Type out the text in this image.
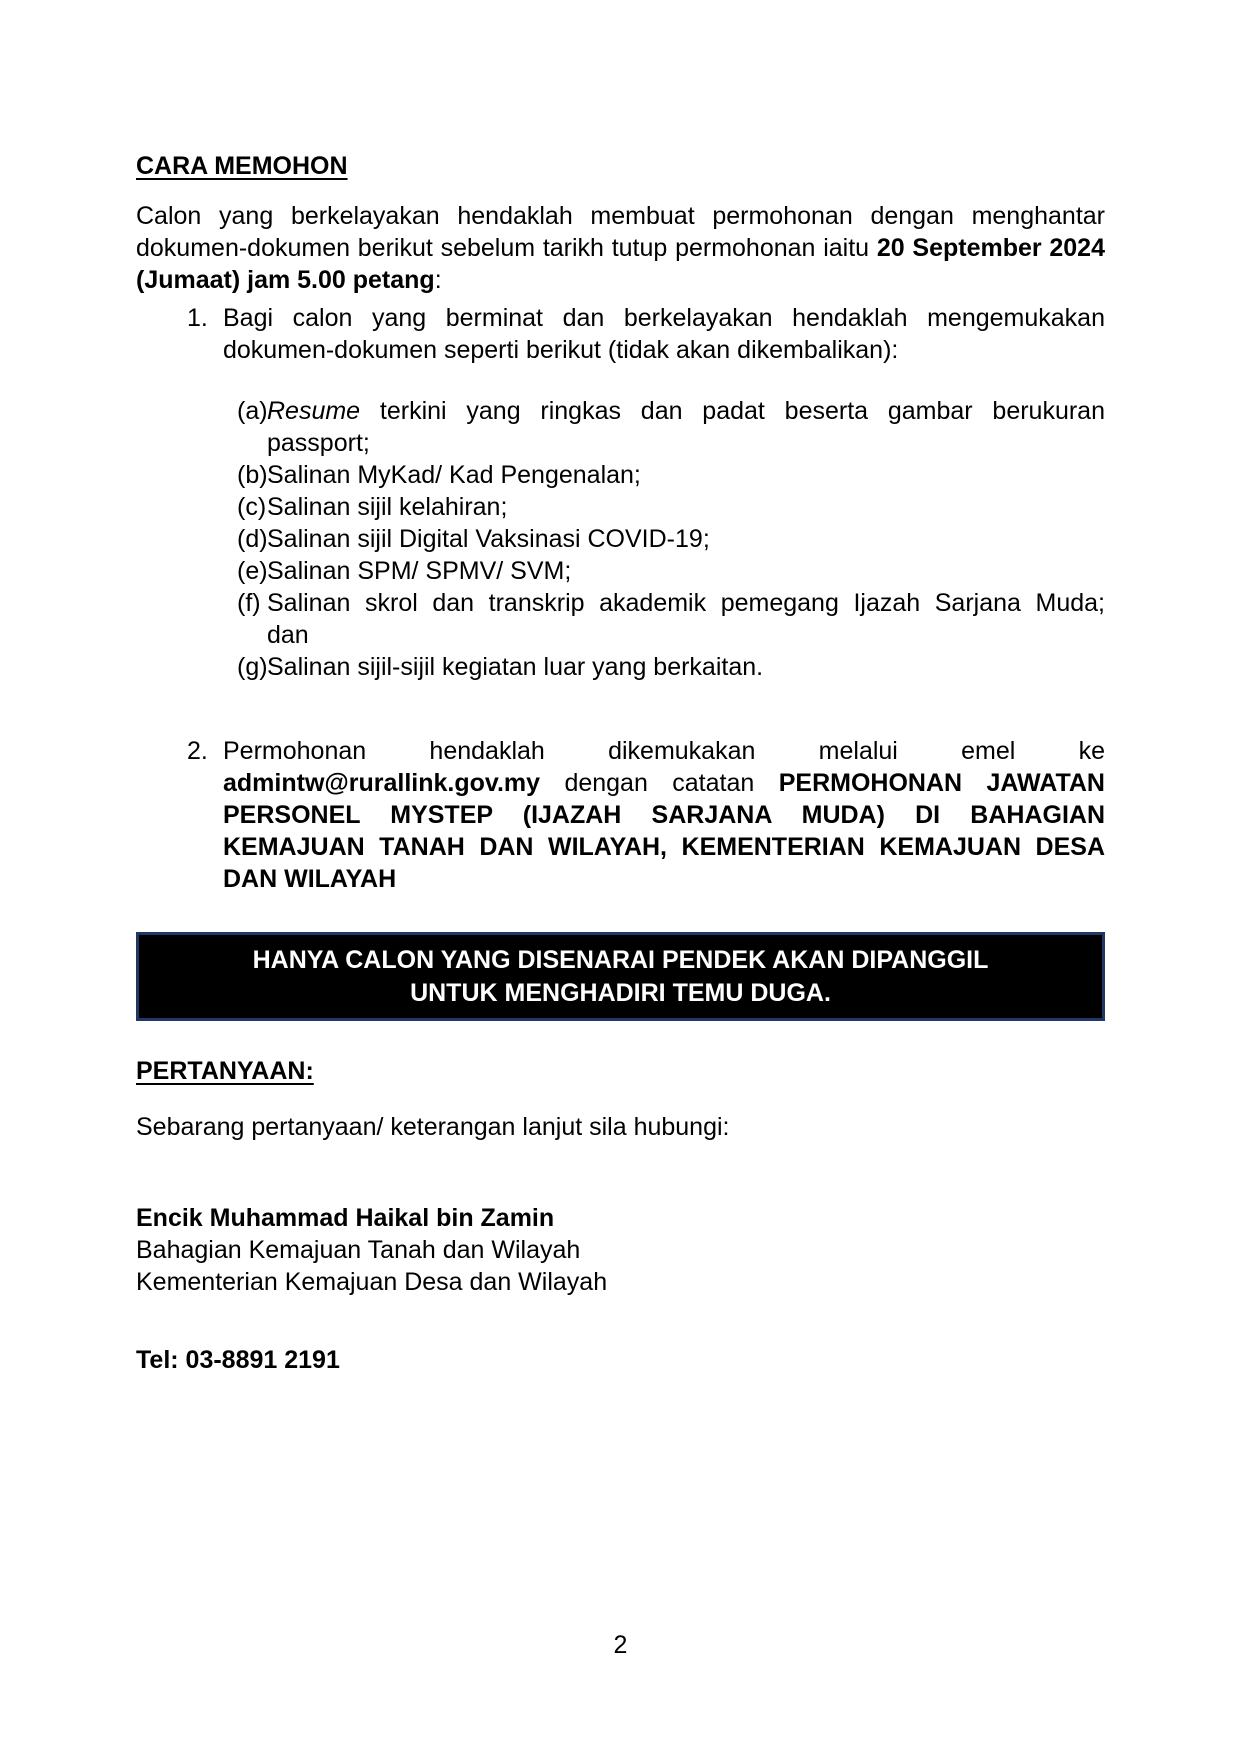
CARA MEMOHON
Calon yang berkelayakan hendaklah membuat permohonan dengan menghantar
dokumen-dokumen berikut sebelum tarikh tutup permohonan iaitu 20 September 2024
(Jumaat) jam 5.00 petang:
1. Bagi calon yang berminat dan berkelayakan hendaklah mengemukakan
dokumen-dokumen seperti berikut (tidak akan dikembalikan):
(a) Resume terkini yang ringkas dan padat beserta gambar berukuran
passport;
(b) Salinan MyKad/ Kad Pengenalan;
(c) Salinan sijil kelahiran;
(d) Salinan sijil Digital Vaksinasi COVID-19;
(e) Salinan SPM/ SPMV/ SVM;
(f) Salinan skrol dan transkrip akademik pemegang Ijazah Sarjana Muda;
dan
(g) Salinan sijil-sijil kegiatan luar yang berkaitan.
2. Permohonan hendaklah dikemukakan melalui emel ke
admintw@rurallink.gov.my dengan catatan PERMOHONAN JAWATAN
PERSONEL MYSTEP (IJAZAH SARJANA MUDA) DI BAHAGIAN
KEMAJUAN TANAH DAN WILAYAH, KEMENTERIAN KEMAJUAN DESA
DAN WILAYAH
HANYA CALON YANG DISENARAI PENDEK AKAN DIPANGGIL
UNTUK MENGHADIRI TEMU DUGA.
PERTANYAAN:
Sebarang pertanyaan/ keterangan lanjut sila hubungi:
Encik Muhammad Haikal bin Zamin
Bahagian Kemajuan Tanah dan Wilayah
Kementerian Kemajuan Desa dan Wilayah
Tel: 03-8891 2191
2
